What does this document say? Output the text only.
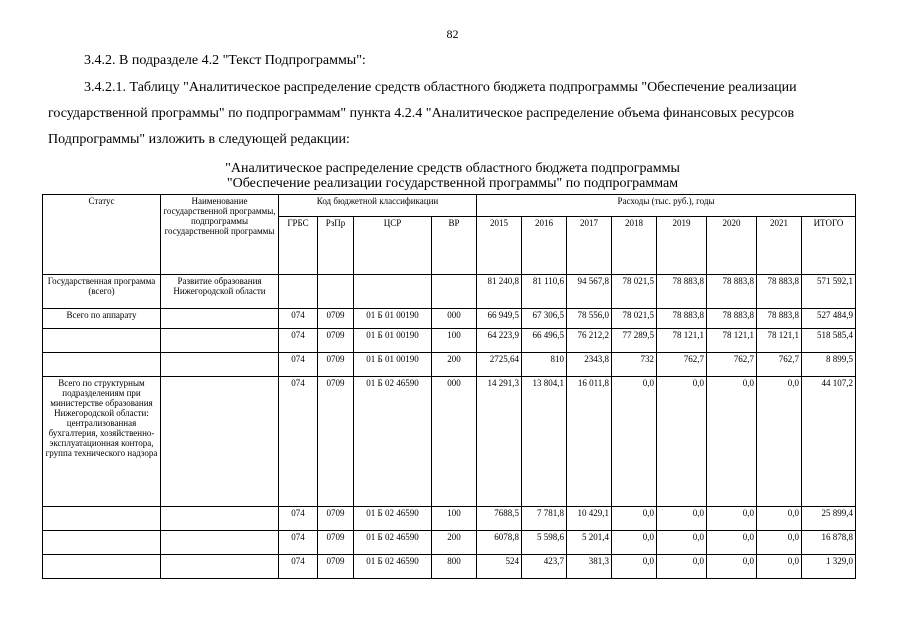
82
3.4.2. В подразделе 4.2 "Текст Подпрограммы":
3.4.2.1. Таблицу "Аналитическое распределение средств областного бюджета подпрограммы "Обеспечение реализации
государственной программы" по подпрограммам" пункта 4.2.4 "Аналитическое распределение объема финансовых ресурсов
Подпрограммы" изложить в следующей редакции:
"Аналитическое распределение средств областного бюджета подпрограммы
"Обеспечение реализации государственной программы" по подпрограммам
Статус	Наименование государственной программы, подпрограммы государственной программы	Код бюджетной классификации				Расходы (тыс. руб.), годы							
		ГРБС	РзПр	ЦСР	ВР	2015	2016	2017	2018	2019	2020	2021	ИТОГО
Государственная программа (всего)	Развитие образования Нижегородской области					81 240,8	81 110,6	94 567,8	78 021,5	78 883,8	78 883,8	78 883,8	571 592,1
Всего по аппарату		074	0709	01 Б 01 00190	000	66 949,5	67 306,5	78 556,0	78 021,5	78 883,8	78 883,8	78 883,8	527 484,9
		074	0709	01 Б 01 00190	100	64 223,9	66 496,5	76 212,2	77 289,5	78 121,1	78 121,1	78 121,1	518 585,4
		074	0709	01 Б 01 00190	200	2725,64	810	2343,8	732	762,7	762,7	762,7	8 899,5
Всего по структурным подразделениям при министерстве образования Нижегородской области: централизованная бухгалтерия, хозяйственно-эксплуатационная контора, группа технического надзора		074	0709	01 Б 02 46590	000	14 291,3	13 804,1	16 011,8	0,0	0,0	0,0	0,0	44 107,2
		074	0709	01 Б 02 46590	100	7688,5	7 781,8	10 429,1	0,0	0,0	0,0	0,0	25 899,4
		074	0709	01 Б 02 46590	200	6078,8	5 598,6	5 201,4	0,0	0,0	0,0	0,0	16 878,8
		074	0709	01 Б 02 46590	800	524	423,7	381,3	0,0	0,0	0,0	0,0	1 329,0
